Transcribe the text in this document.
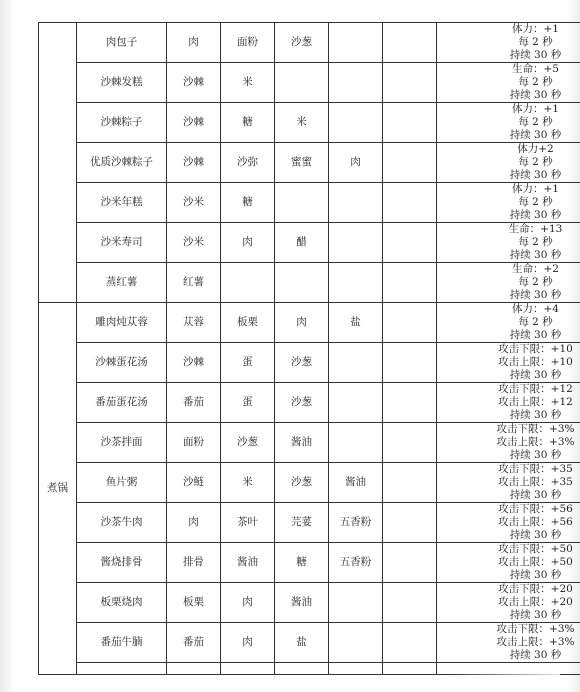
	肉包子	肉	面粉	沙葱			体力：+1
每 2 秒
持续 30 秒

	沙棘发糕	沙棘	米				生命：+5
每 2 秒
持续 30 秒

	沙棘粽子	沙棘	糖	米			体力：+1
每 2 秒
持续 30 秒

	优质沙棘粽子	沙棘	沙弥	蜜蜜	肉		体力+2
每 2 秒
持续 30 秒

	沙米年糕	沙米	糖				体力：+1
每 2 秒
持续 30 秒

	沙米寿司	沙米	肉	醋			生命：+13
每 2 秒
持续 30 秒

	蒸红薯	红薯					生命：+2
每 2 秒
持续 30 秒

煮锅	雕肉炖苁蓉	苁蓉	板栗	肉	盐		体力：+4
每 2 秒
持续 30 秒

	沙棘蛋花汤	沙棘	蛋	沙葱			攻击下限：+10
攻击上限：+10
持续 30 秒

	番茄蛋花汤	番茄	蛋	沙葱			攻击下限：+12
攻击上限：+12
持续 30 秒

	沙茶拌面	面粉	沙葱	酱油			攻击下限：+3%
攻击上限：+3%
持续 30 秒

	鱼片粥	沙鲢	米	沙葱	酱油		攻击下限：+35
攻击上限：+35
持续 30 秒

	沙茶牛肉	肉	茶叶	芫荽	五香粉		攻击下限：+56
攻击上限：+56
持续 30 秒

	酱烧排骨	排骨	酱油	糖	五香粉		攻击下限：+50
攻击上限：+50
持续 30 秒

	板栗烧肉	板栗	肉	酱油			攻击下限：+20
攻击上限：+20
持续 30 秒

	番茄牛腩	番茄	肉	盐			攻击下限：+3%
攻击上限：+3%
持续 30 秒
